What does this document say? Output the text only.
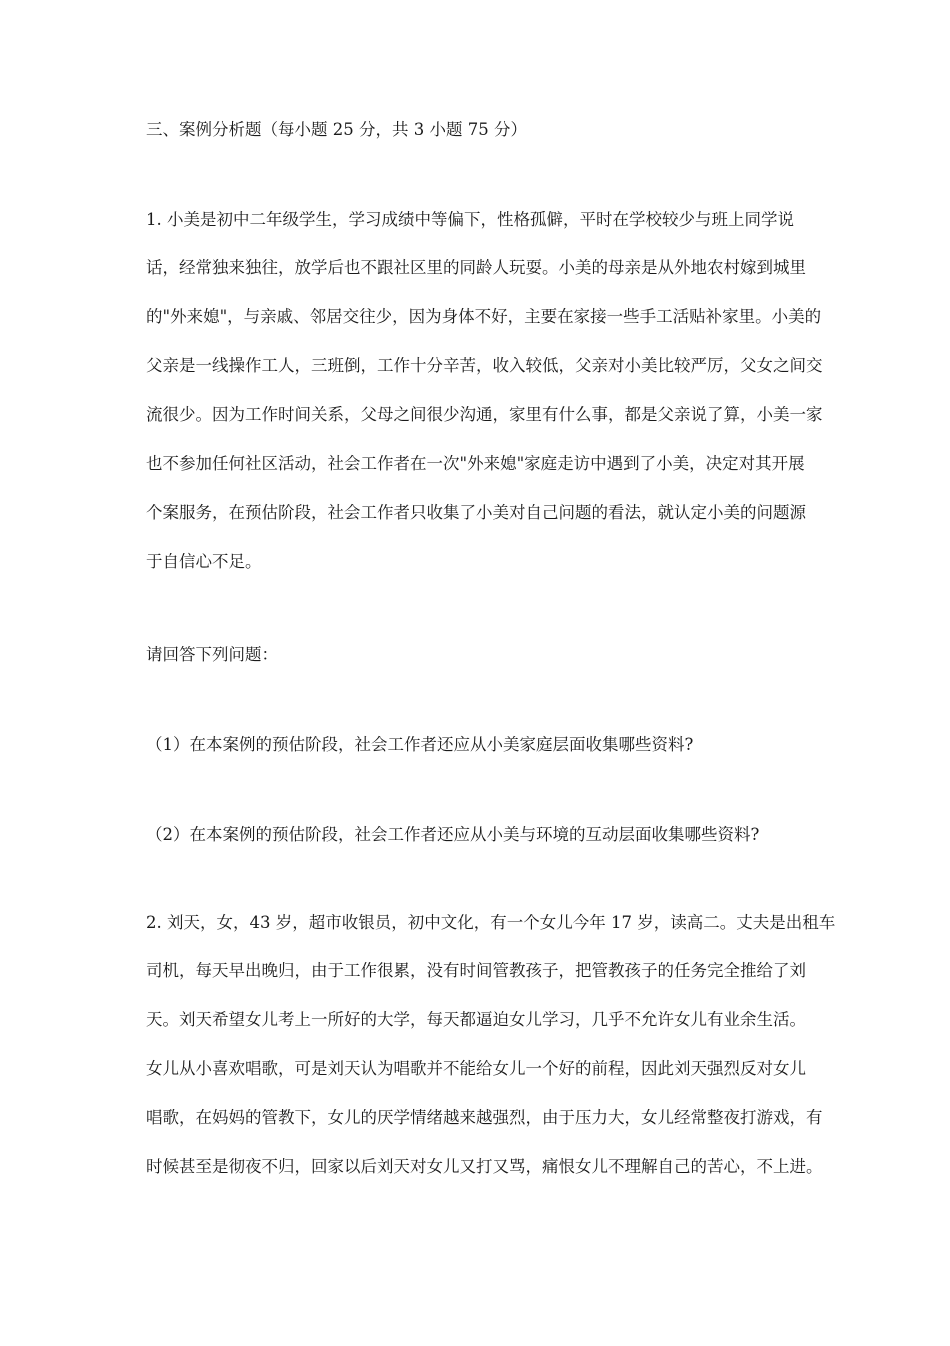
三、案例分析题（每小题 25 分，共 3 小题 75 分）
1. 小美是初中二年级学生，学习成绩中等偏下，性格孤僻，平时在学校较少与班上同学说
话，经常独来独往，放学后也不跟社区里的同龄人玩耍。小美的母亲是从外地农村嫁到城里
的"外来媳"，与亲戚、邻居交往少，因为身体不好，主要在家接一些手工活贴补家里。小美的
父亲是一线操作工人，三班倒，工作十分辛苦，收入较低，父亲对小美比较严厉，父女之间交
流很少。因为工作时间关系，父母之间很少沟通，家里有什么事，都是父亲说了算，小美一家
也不参加任何社区活动，社会工作者在一次"外来媳"家庭走访中遇到了小美，决定对其开展
个案服务，在预估阶段，社会工作者只收集了小美对自己问题的看法，就认定小美的问题源
于自信心不足。
请回答下列问题：
（1）在本案例的预估阶段，社会工作者还应从小美家庭层面收集哪些资料?
（2）在本案例的预估阶段，社会工作者还应从小美与环境的互动层面收集哪些资料?
2. 刘天，女，43 岁，超市收银员，初中文化，有一个女儿今年 17 岁，读高二。丈夫是出租车
司机，每天早出晚归，由于工作很累，没有时间管教孩子，把管教孩子的任务完全推给了刘
天。刘天希望女儿考上一所好的大学，每天都逼迫女儿学习，几乎不允许女儿有业余生活。
女儿从小喜欢唱歌，可是刘天认为唱歌并不能给女儿一个好的前程，因此刘天强烈反对女儿
唱歌，在妈妈的管教下，女儿的厌学情绪越来越强烈，由于压力大，女儿经常整夜打游戏，有
时候甚至是彻夜不归，回家以后刘天对女儿又打又骂，痛恨女儿不理解自己的苦心，不上进。
